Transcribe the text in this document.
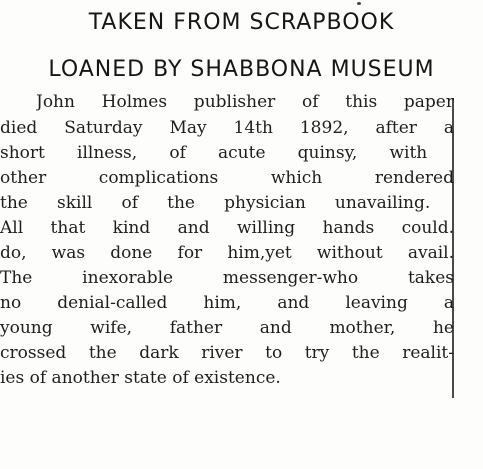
TAKEN FROM SCRAPBOOK
LOANED BY SHABBONA MUSEUM
John Holmes publisher of this paper
died Saturday May 14th 1892, after a
short illness, of acute quinsy, with
other complications which rendered
the skill of the physician unavailing.
All that kind and willing hands could.
do, was done for him,yet without avail.
The inexorable messenger-who takes
no denial-called him, and leaving a
young wife, father and mother, he
crossed the dark river to try the realit-
ies of another state of existence.
